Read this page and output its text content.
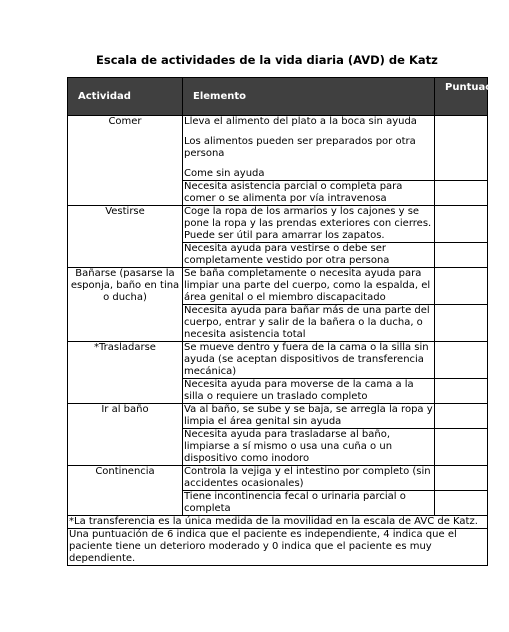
Escala de actividades de la vida diaria (AVD) de Katz
Actividad	Elemento	Puntuación
Comer	Lleva el alimento del plato a la boca sin ayuda
Los alimentos pueden ser preparados por otra persona
Come sin ayuda	
	Necesita asistencia parcial o completa para comer o se alimenta por vía intravenosa	
Vestirse	Coge la ropa de los armarios y los cajones y se pone la ropa y las prendas exteriores con cierres. Puede ser útil para amarrar los zapatos.	
	Necesita ayuda para vestirse o debe ser completamente vestido por otra persona	
Bañarse (pasarse la esponja, baño en tina o ducha)	Se baña completamente o necesita ayuda para limpiar una parte del cuerpo, como la espalda, el área genital o el miembro discapacitado	
	Necesita ayuda para bañar más de una parte del cuerpo, entrar y salir de la bañera o la ducha, o necesita asistencia total	
*Trasladarse	Se mueve dentro y fuera de la cama o la silla sin ayuda (se aceptan dispositivos de transferencia mecánica)	
	Necesita ayuda para moverse de la cama a la silla o requiere un traslado completo	
Ir al baño	Va al baño, se sube y se baja, se arregla la ropa y limpia el área genital sin ayuda	
	Necesita ayuda para trasladarse al baño, limpiarse a sí mismo o usa una cuña o un dispositivo como inodoro	
Continencia	Controla la vejiga y el intestino por completo (sin accidentes ocasionales)	
	Tiene incontinencia fecal o urinaria parcial o completa	
*La transferencia es la única medida de la movilidad en la escala de AVC de Katz.		
Una puntuación de 6 indica que el paciente es independiente, 4 indica que el paciente tiene un deterioro moderado y 0 indica que el paciente es muy dependiente.		
